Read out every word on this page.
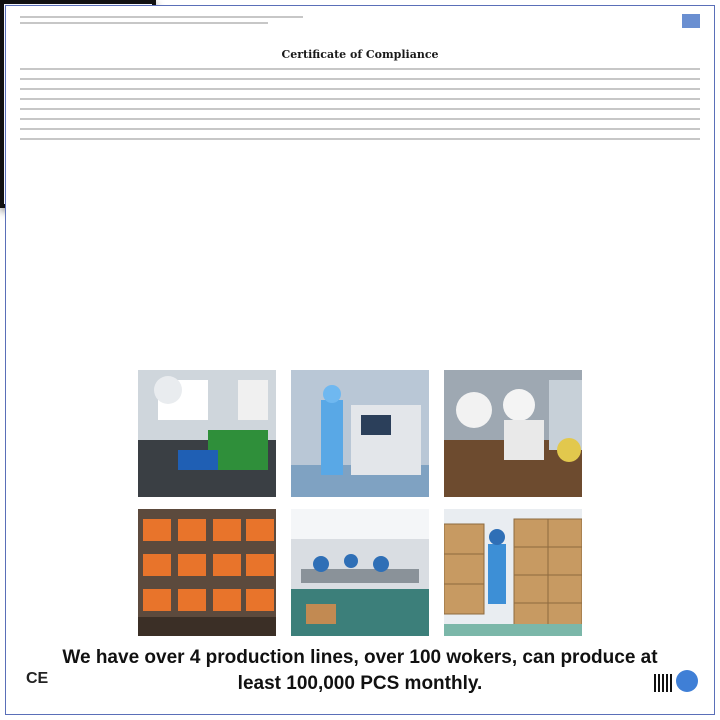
Certificate of Compliance
CE
We have over 4 production lines, over 100 wokers, can produce at least 100,000 PCS monthly.
